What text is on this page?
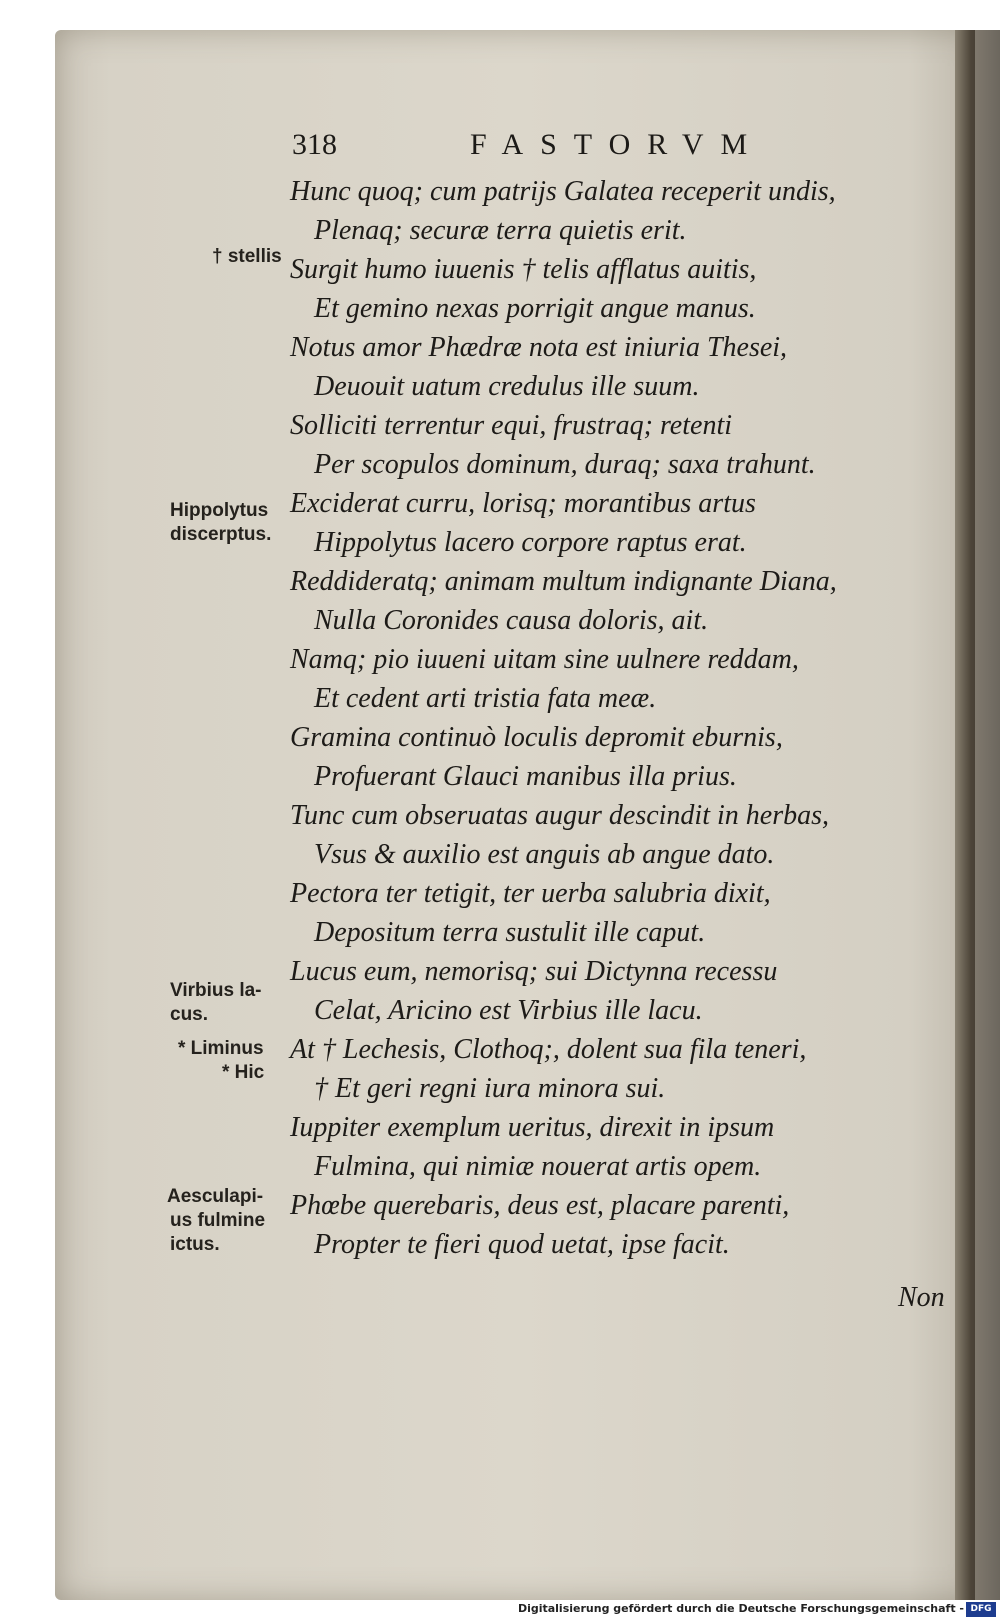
318	FASTORVM
Hunc quoq; cum patrijs Galatea receperit undis,
Plenaq; securæ terra quietis erit.
Surgit humo iuuenis † telis afflatus auitis,
Et gemino nexas porrigit angue manus.
Notus amor Phædræ nota est iniuria Thesei,
Deuouit uatum credulus ille suum.
Solliciti terrentur equi, frustraq; retenti
Per scopulos dominum, duraq; saxa trahunt.
Exciderat curru, lorisq; morantibus artus
Hippolytus lacero corpore raptus erat.
Reddideratq; animam multum indignante Diana,
Nulla Coronides causa doloris, ait.
Namq; pio iuueni uitam sine uulnere reddam,
Et cedent arti tristia fata meæ.
Gramina continuò loculis depromit eburnis,
Profuerant Glauci manibus illa prius.
Tunc cum obseruatas augur descindit in herbas,
Vsus & auxilio est anguis ab angue dato.
Pectora ter tetigit, ter uerba salubria dixit,
Depositum terra sustulit ille caput.
Lucus eum, nemorisq; sui Dictynna recessu
Celat, Aricino est Virbius ille lacu.
At † Lechesis, Clothoq;, dolent sua fila teneri,
† Et geri regni iura minora sui.
Iuppiter exemplum ueritus, direxit in ipsum
Fulmina, qui nimiæ nouerat artis opem.
Phœbe querebaris, deus est, placare parenti,
Propter te fieri quod uetat, ipse facit.
† stellis
Hippolytus
discerptus.
Virbius la-
cus.
* Liminus
* Hic
Aesculapi-
us fulmine
ictus.
Non
Digitalisierung gefördert durch die Deutsche Forschungsgemeinschaft - DFG
